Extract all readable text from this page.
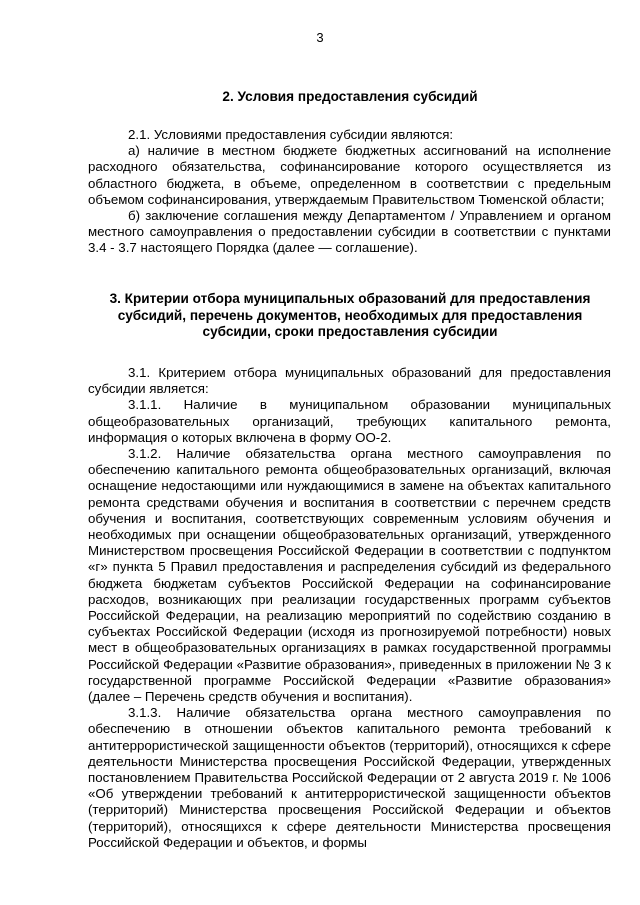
3
2. Условия предоставления субсидий

2.1. Условиями предоставления субсидии являются:

а) наличие в местном бюджете бюджетных ассигнований на исполнение расходного обязательства, софинансирование которого осуществляется из областного бюджета, в объеме, определенном в соответствии с предельным объемом софинансирования, утверждаемым Правительством Тюменской области;

б) заключение соглашения между Департаментом / Управлением и органом местного самоуправления о предоставлении субсидии в соответствии с пунктами 3.4 - 3.7 настоящего Порядка (далее — соглашение).

3. Критерии отбора муниципальных образований для предоставления субсидий, перечень документов, необходимых для предоставления субсидии, сроки предоставления субсидии

3.1. Критерием отбора муниципальных образований для предоставления субсидии является:

3.1.1. Наличие в муниципальном образовании муниципальных общеобразовательных организаций, требующих капитального ремонта, информация о которых включена в форму ОО-2.

3.1.2. Наличие обязательства органа местного самоуправления по обеспечению капитального ремонта общеобразовательных организаций, включая оснащение недостающими или нуждающимися в замене на объектах капитального ремонта средствами обучения и воспитания в соответствии с перечнем средств обучения и воспитания, соответствующих современным условиям обучения и необходимых при оснащении общеобразовательных организаций, утвержденного Министерством просвещения Российской Федерации в соответствии с подпунктом «г» пункта 5 Правил предоставления и распределения субсидий из федерального бюджета бюджетам субъектов Российской Федерации на софинансирование расходов, возникающих при реализации государственных программ субъектов Российской Федерации, на реализацию мероприятий по содействию созданию в субъектах Российской Федерации (исходя из прогнозируемой потребности) новых мест в общеобразовательных организациях в рамках государственной программы Российской Федерации «Развитие образования», приведенных в приложении № 3 к государственной программе Российской Федерации «Развитие образования» (далее – Перечень средств обучения и воспитания).

3.1.3. Наличие обязательства органа местного самоуправления по обеспечению в отношении объектов капитального ремонта требований к антитеррористической защищенности объектов (территорий), относящихся к сфере деятельности Министерства просвещения Российской Федерации, утвержденных постановлением Правительства Российской Федерации от 2 августа 2019 г. № 1006 «Об утверждении требований к антитеррористической защищенности объектов (территорий) Министерства просвещения Российской Федерации и объектов (территорий), относящихся к сфере деятельности Министерства просвещения Российской Федерации и объектов, и формы
